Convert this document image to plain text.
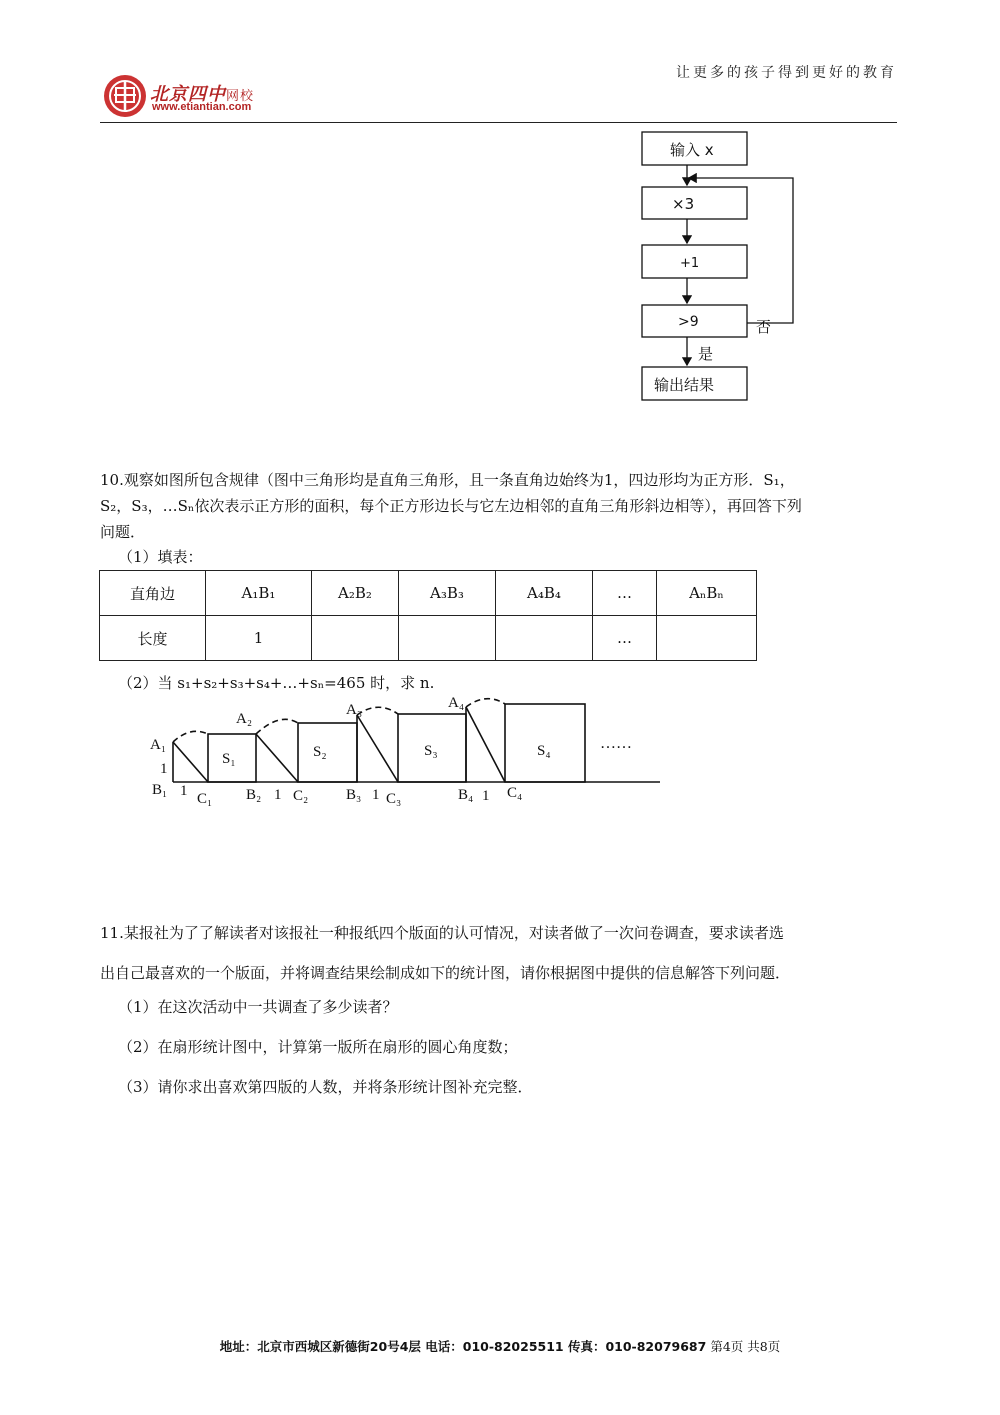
北京四中网校
www.etiantian.com
让更多的孩子得到更好的教育
输入 x
×3
+1
>9
输出结果
是
否
10.观察如图所包含规律（图中三角形均是直角三角形，且一条直角边始终为1，四边形均为正方形．S₁，
S₂，S₃，…Sₙ依次表示正方形的面积，每个正方形边长与它左边相邻的直角三角形斜边相等），再回答下列
问题．
（1）填表：
直角边	A₁B₁	A₂B₂	A₃B₃	A₄B₄	…	AₙBₙ
长度	1				…	
（2）当 s₁+s₂+s₃+s₄+…+sₙ=465 时，求 n.
A₁
1
B₁ 1 C₁
S₁
A₂
B₂ 1 C₂
S₂
A₃
B₃ 1 C₃
S₃
A₄
B₄ 1 C₄
S₄	……
11.某报社为了了解读者对该报社一种报纸四个版面的认可情况，对读者做了一次问卷调查，要求读者选
出自己最喜欢的一个版面，并将调查结果绘制成如下的统计图，请你根据图中提供的信息解答下列问题．
（1）在这次活动中一共调查了多少读者？
（2）在扇形统计图中，计算第一版所在扇形的圆心角度数；
（3）请你求出喜欢第四版的人数，并将条形统计图补充完整．
地址：北京市西城区新德街20号4层 电话：010-82025511 传真：010-82079687 第4页 共8页
